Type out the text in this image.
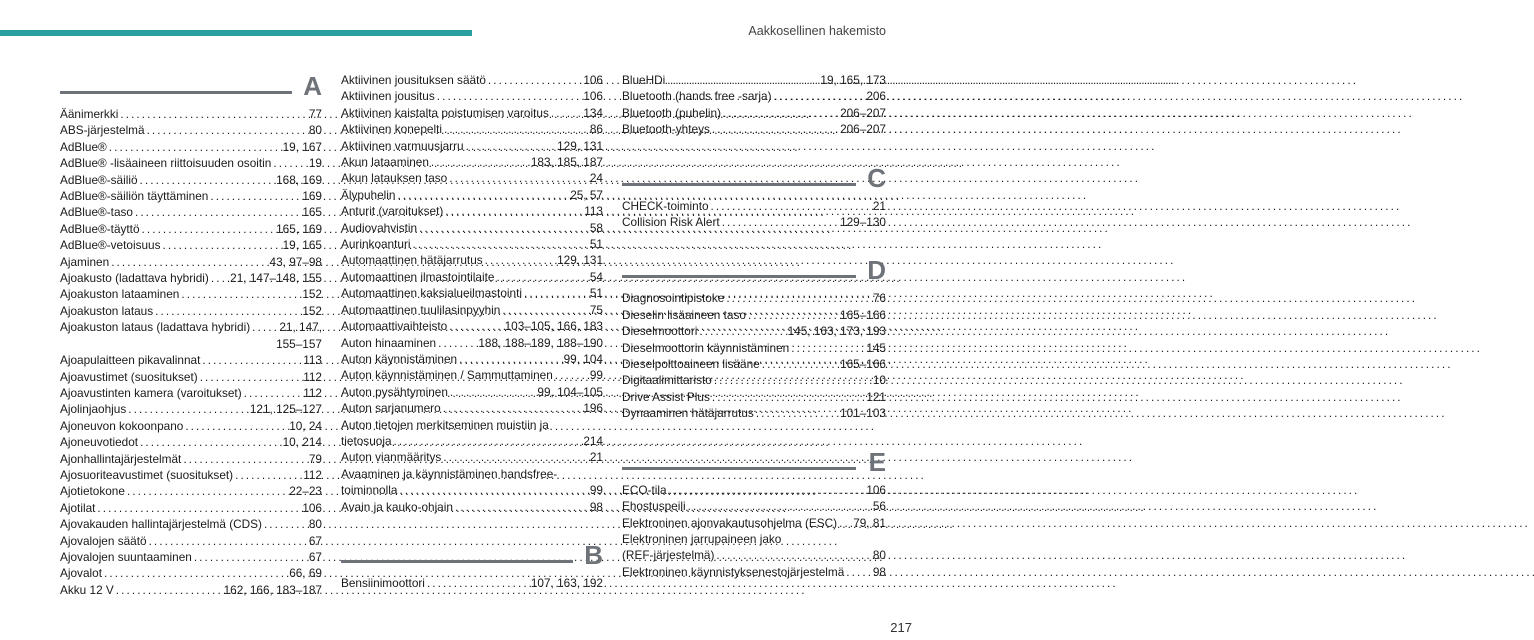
Aakkosellinen hakemisto
A
Äänimerkki . . .	77
ABS-järjestelmä . . .	80
AdBlue® . . .	19, 167
AdBlue® -lisäaineen riittoisuuden osoitin . . .	19
AdBlue®-säiliö . . .	168, 169
AdBlue®-säiliön täyttäminen . . .	169
AdBlue®-taso . . .	165
AdBlue®-täyttö . . .	165, 169
AdBlue®-vetoisuus . . .	19, 165
Ajaminen . . .	43, 97–98
Ajoakusto (ladattava hybridi) . . . 21, 147–148, 155
Ajoakuston lataaminen . . .	152
Ajoakuston lataus . . .	152
Ajoakuston lataus (ladattava hybridi) . . . 21, 147,
155–157
Ajoapulaitteen pikavalinnat . . .	113
Ajoavustimet (suositukset) . . .	112
Ajoavustinten kamera (varoitukset) . . .	112
Ajolinjaohjus . . .	121, 125–127
Ajoneuvon kokoonpano . . .	10, 24
Ajoneuvotiedot . . .	10, 214
Ajonhallintajärjestelmät . . .	79
Ajosuoriteavustimet (suositukset) . . .	112
Ajotietokone . . .	22–23
Ajotilat . . .	106
Ajovakauden hallintajärjestelmä (CDS) . . .	80
Ajovalojen säätö . . .	67
Ajovalojen suuntaaminen . . .	67
Ajovalot . . .	66, 69
Akku 12 V . . .	162, 166, 183–187
Aktiivinen jousituksen säätö . . .	106
Aktiivinen jousitus . . .	106
Aktiivinen kaistalta poistumisen varoitus . . .	134
Aktiivinen konepelti . . .	86
Aktiivinen varmuusjarru . . .	129, 131
Akun lataaminen . . .	183, 185, 187
Akun latauksen taso . . .	24
Älypuhelin . . .	25, 57
Anturit (varoitukset) . . .	113
Audiovahvistin . . .	58
Aurinkoanturi . . .	51
Automaattinen hätäjarrutus . . .	129, 131
Automaattinen ilmastointilaite . . .	54
Automaattinen kaksialueilmastointi . . .	51
Automaattinen tuulilasinpyyhin . . .	75
Automaattivaihteisto . . .	103–105, 166, 183
Auton hinaaminen . . .	188, 188–189, 188–190
Auton käynnistäminen . . .	99, 104
Auton käynnistäminen / Sammuttaminen . . .	99
Auton pysähtyminen . . .	99, 104–105
Auton sarjanumero . . .	196
Auton tietojen merkitseminen muistiin ja
tietosuoja . . .	214
Auton vianmääritys . . .	21
Avaaminen ja käynnistäminen handsfree-
toiminnolla . . .	99
Avain ja kauko-ohjain . . .	98
B
Bensiinimoottori . . .	107, 163, 192
BlueHDi . . .	19, 165, 173
Bluetooth (hands free -sarja) . . .	206
Bluetooth (puhelin) . . .	206–207
Bluetooth-yhteys . . .	206–207
C
CHECK-toiminto . . .	21
Collision Risk Alert . . .	129–130
D
Diagnosointipistoke . . .	76
Dieselin lisäaineen taso . . .	165–166
Dieselmoottori . . .	145, 163, 173, 193
Dieselmoottorin käynnistäminen . . .	145
Dieselpolttoaineen lisääne . . .	165–166
Digitaalimittaristo . . .	10
Drive Assist Plus . . .	121
Dynaaminen hätäjarrutus . . .	101–103
E
ECO-tila . . .	106
Ehostuspeili . . .	56
Elektroninen ajonvakautusohjelma (ESC) . . . 79, 81
Elektroninen jarrupaineen jako
(REF-järjestelmä) . . .	80
Elektroninen käynnistyksenestojärjestelmä . . . 98
217
